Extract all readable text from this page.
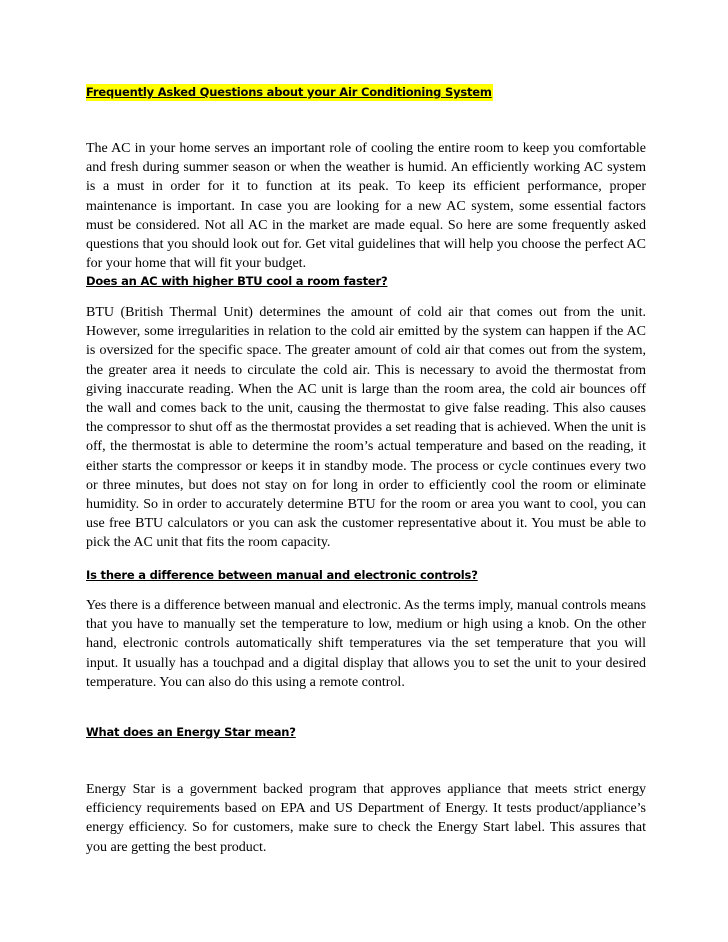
Frequently Asked Questions about your Air Conditioning System

The AC in your home serves an important role of cooling the entire room to keep you comfortable and fresh during summer season or when the weather is humid. An efficiently working AC system is a must in order for it to function at its peak. To keep its efficient performance, proper maintenance is important. In case you are looking for a new AC system, some essential factors must be considered. Not all AC in the market are made equal. So here are some frequently asked questions that you should look out for. Get vital guidelines that will help you choose the perfect AC for your home that will fit your budget.

Does an AC with higher BTU cool a room faster?

BTU (British Thermal Unit) determines the amount of cold air that comes out from the unit. However, some irregularities in relation to the cold air emitted by the system can happen if the AC is oversized for the specific space. The greater amount of cold air that comes out from the system, the greater area it needs to circulate the cold air. This is necessary to avoid the thermostat from giving inaccurate reading. When the AC unit is large than the room area, the cold air bounces off the wall and comes back to the unit, causing the thermostat to give false reading. This also causes the compressor to shut off as the thermostat provides a set reading that is achieved. When the unit is off, the thermostat is able to determine the room’s actual temperature and based on the reading, it either starts the compressor or keeps it in standby mode. The process or cycle continues every two or three minutes, but does not stay on for long in order to efficiently cool the room or eliminate humidity. So in order to accurately determine BTU for the room or area you want to cool, you can use free BTU calculators or you can ask the customer representative about it. You must be able to pick the AC unit that fits the room capacity.

Is there a difference between manual and electronic controls?

Yes there is a difference between manual and electronic. As the terms imply, manual controls means that you have to manually set the temperature to low, medium or high using a knob. On the other hand, electronic controls automatically shift temperatures via the set temperature that you will input. It usually has a touchpad and a digital display that allows you to set the unit to your desired temperature. You can also do this using a remote control.

What does an Energy Star mean?

Energy Star is a government backed program that approves appliance that meets strict energy efficiency requirements based on EPA and US Department of Energy. It tests product/appliance’s energy efficiency. So for customers, make sure to check the Energy Start label. This assures that you are getting the best product.
